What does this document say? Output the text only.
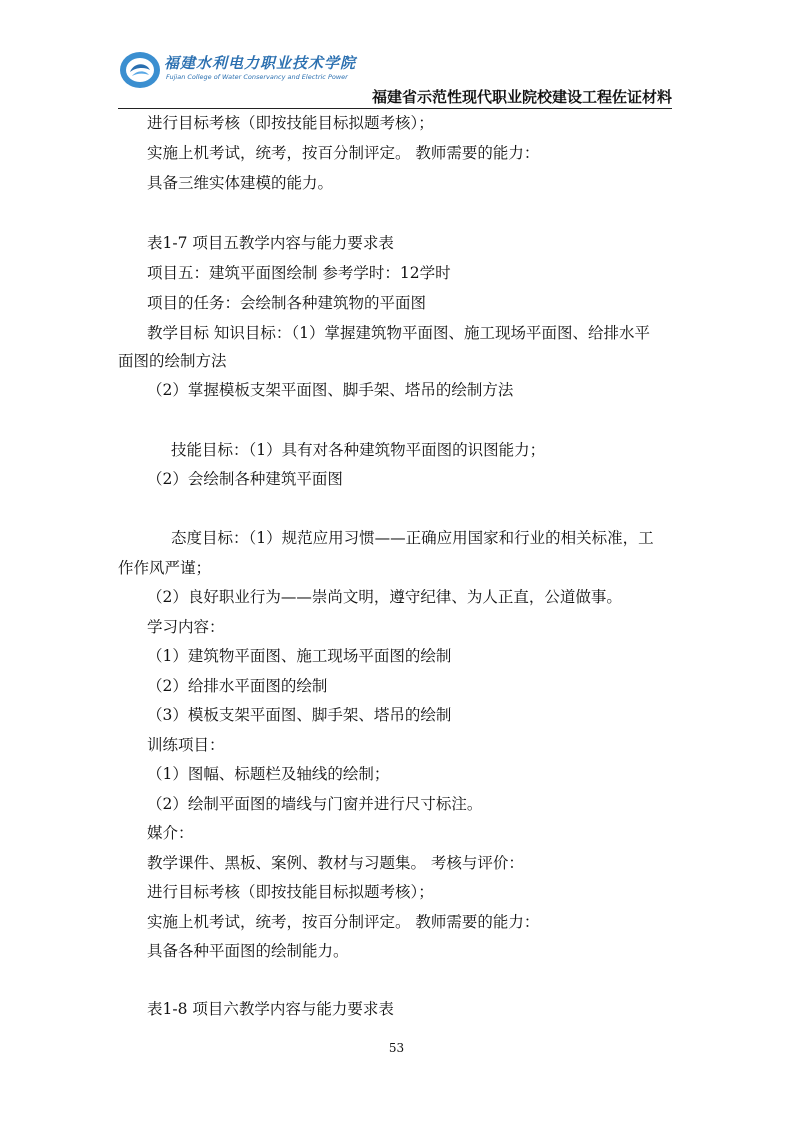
福建水利电力职业技术学院
Fujian College of Water Conservancy and Electric Power
福建省示范性现代职业院校建设工程佐证材料
进行目标考核（即按技能目标拟题考核）；
实施上机考试，统考，按百分制评定。 教师需要的能力：
具备三维实体建模的能力。
表1-7 项目五教学内容与能力要求表
项目五：建筑平面图绘制 参考学时：12学时
项目的任务：会绘制各种建筑物的平面图
教学目标 知识目标：（1）掌握建筑物平面图、施工现场平面图、给排水平
面图的绘制方法
（2）掌握模板支架平面图、脚手架、塔吊的绘制方法
技能目标：（1）具有对各种建筑物平面图的识图能力；
（2）会绘制各种建筑平面图
态度目标：（1）规范应用习惯——正确应用国家和行业的相关标准，工
作作风严谨；
（2）良好职业行为——崇尚文明，遵守纪律、为人正直，公道做事。
学习内容：
（1）建筑物平面图、施工现场平面图的绘制
（2）给排水平面图的绘制
（3）模板支架平面图、脚手架、塔吊的绘制
训练项目：
（1）图幅、标题栏及轴线的绘制；
（2）绘制平面图的墙线与门窗并进行尺寸标注。
媒介：
教学课件、黑板、案例、教材与习题集。 考核与评价：
进行目标考核（即按技能目标拟题考核）；
实施上机考试，统考，按百分制评定。 教师需要的能力：
具备各种平面图的绘制能力。
表1-8 项目六教学内容与能力要求表
53
